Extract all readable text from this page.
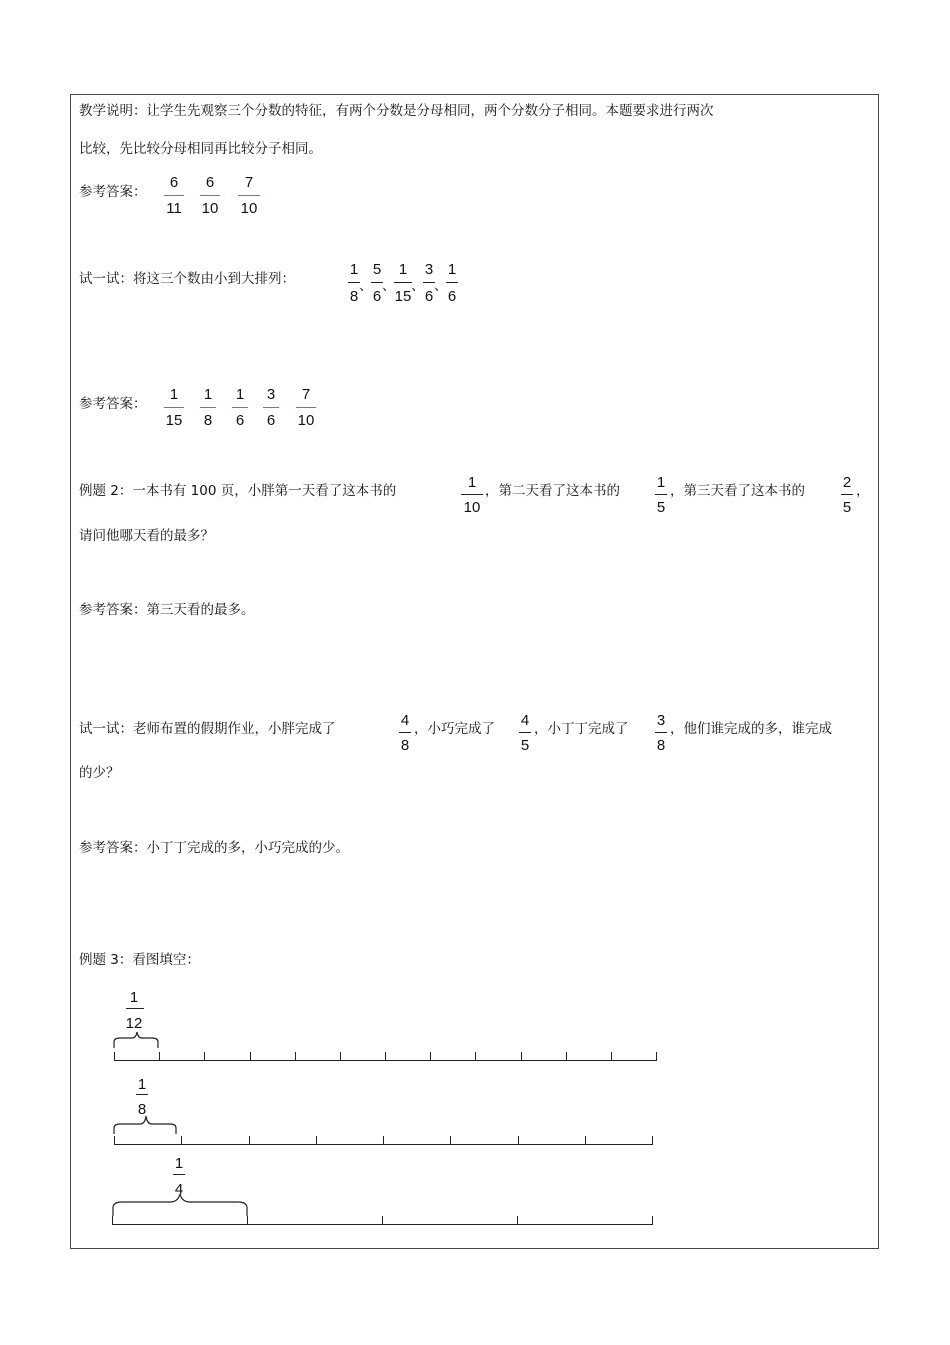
教学说明：让学生先观察三个分数的特征，有两个分数是分母相同，两个分数分子相同。本题要求进行两次
比较，先比较分母相同再比较分子相同。
参考答案：
6
11
6
10
7
10
试一试：将这三个数由小到大排列：
1
8
、
5
6
、
1
15
、
3
6
、
1
6
参考答案：
1
15
1
8
1
6
3
6
7
10
例题 2：一本书有 100 页，小胖第一天看了这本书的	1
10
，第二天看了这本书的 1
5
，第三天看了这本书的	2
5
，
请问他哪天看的最多？
参考答案：第三天看的最多。
试一试：老师布置的假期作业，小胖完成了	4
8
，小巧完成了 4
5
，小丁丁完成了 3
8
，他们谁完成的多，谁完成
的少？
参考答案：小丁丁完成的多，小巧完成的少。
例题 3：看图填空：
1
12
1
8
1
4
